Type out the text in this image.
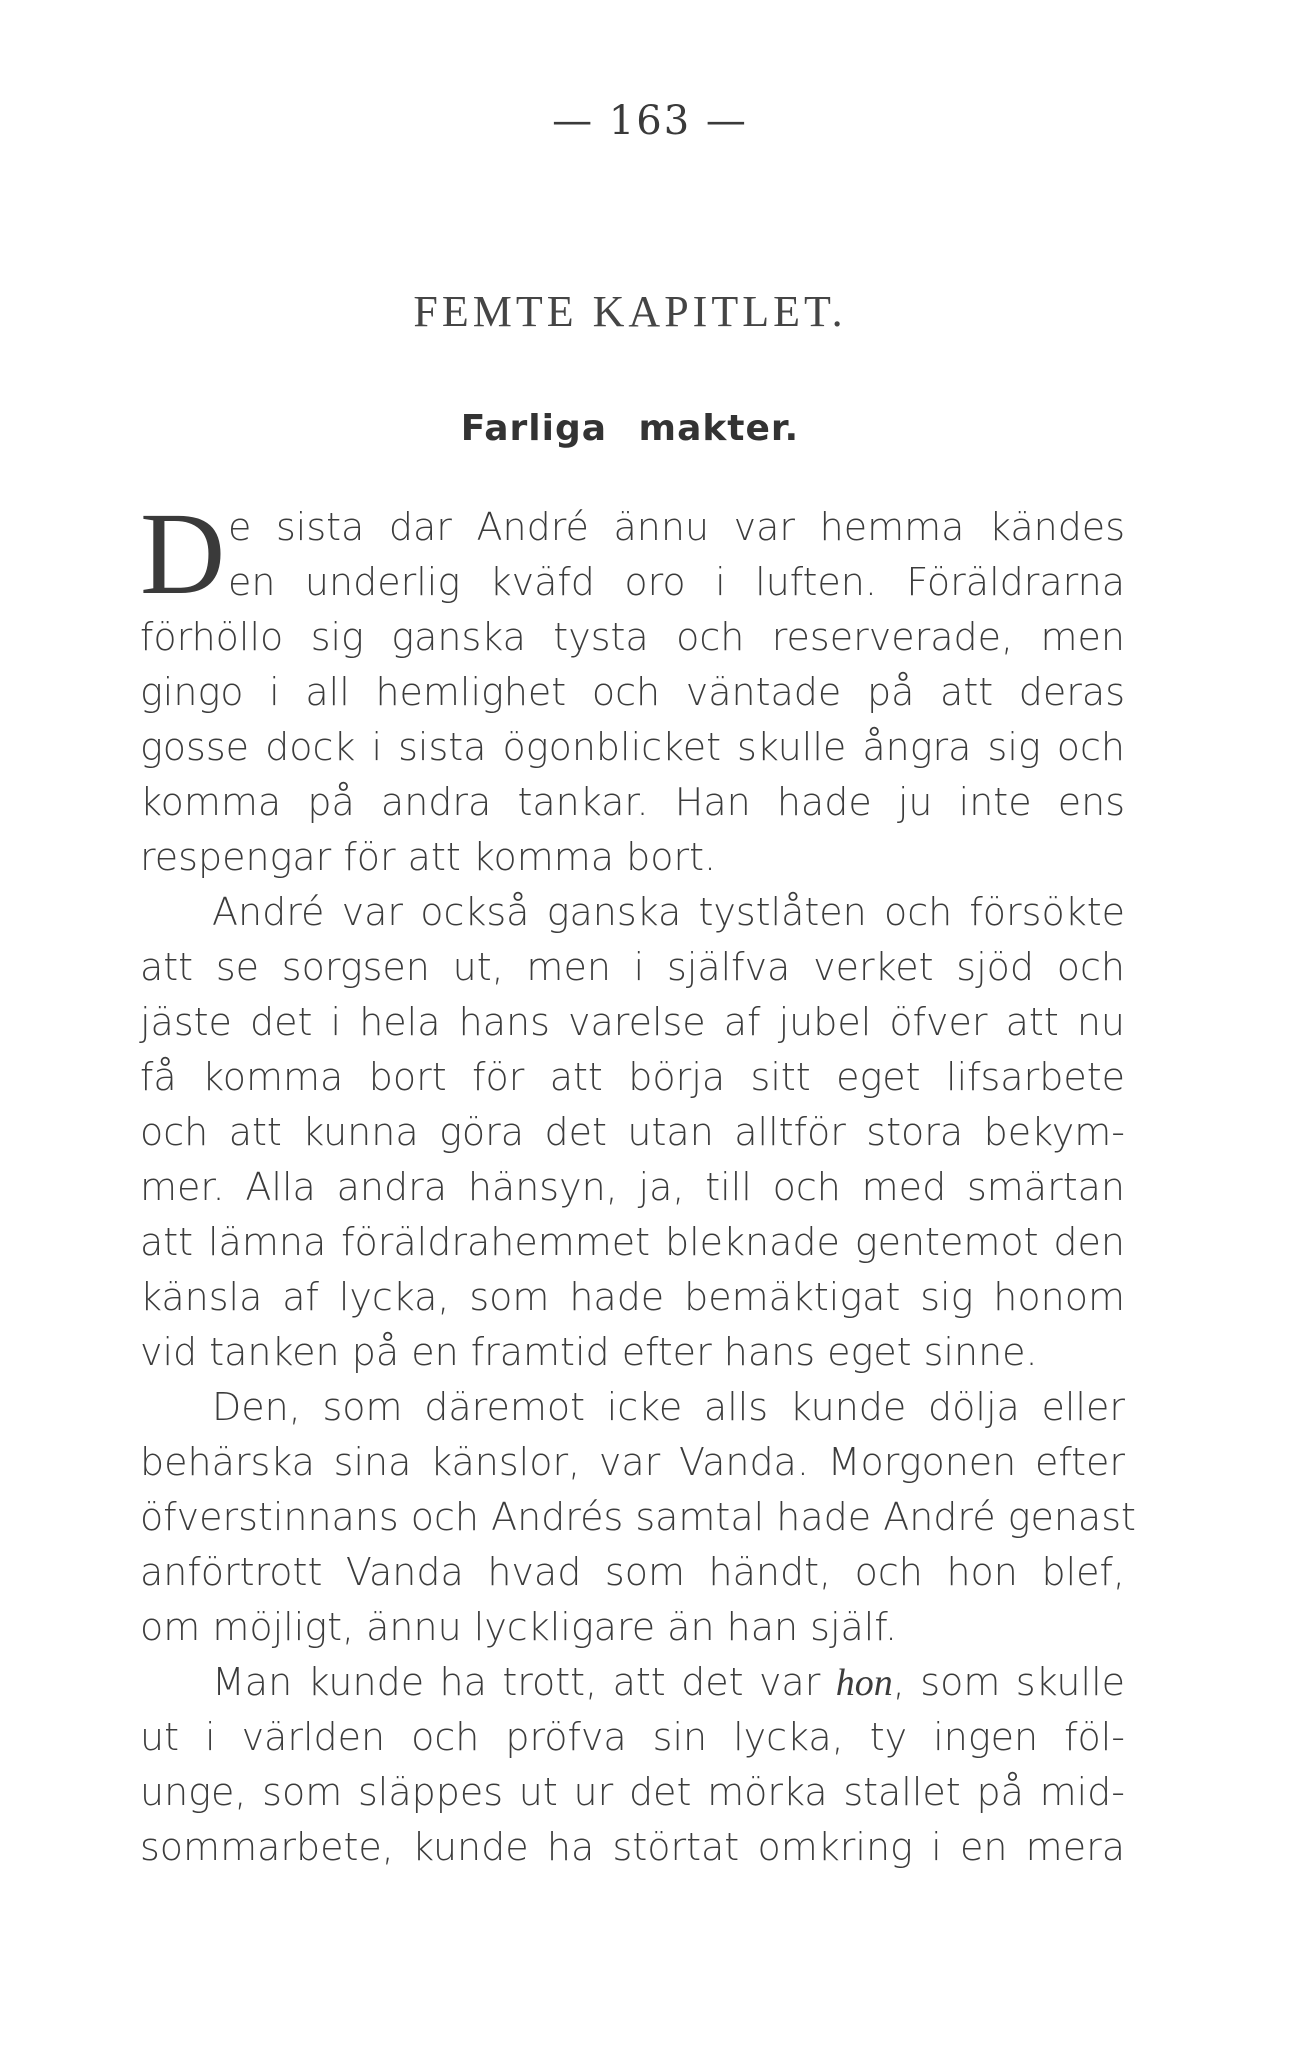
— 163 —
FEMTE KAPITLET.
Farliga makter.
D e sista dar André ännu var hemma kändes
en underlig kväfd oro i luften. Föräldrarna
förhöllo sig ganska tysta och reserverade, men
gingo i all hemlighet och väntade på att deras
gosse dock i sista ögonblicket skulle ångra sig och
komma på andra tankar. Han hade ju inte ens
respengar för att komma bort.
André var också ganska tystlåten och försökte
att se sorgsen ut, men i själfva verket sjöd och
jäste det i hela hans varelse af jubel öfver att nu
få komma bort för att börja sitt eget lifsarbete
och att kunna göra det utan alltför stora bekym-
mer. Alla andra hänsyn, ja, till och med smärtan
att lämna föräldrahemmet bleknade gentemot den
känsla af lycka, som hade bemäktigat sig honom
vid tanken på en framtid efter hans eget sinne.
Den, som däremot icke alls kunde dölja eller
behärska sina känslor, var Vanda. Morgonen efter
öfverstinnans och Andrés samtal hade André genast
anförtrott Vanda hvad som händt, och hon blef,
om möjligt, ännu lyckligare än han själf.
Man kunde ha trott, att det var hon, som skulle
ut i världen och pröfva sin lycka, ty ingen föl-
unge, som släppes ut ur det mörka stallet på mid-
sommarbete, kunde ha störtat omkring i en mera
